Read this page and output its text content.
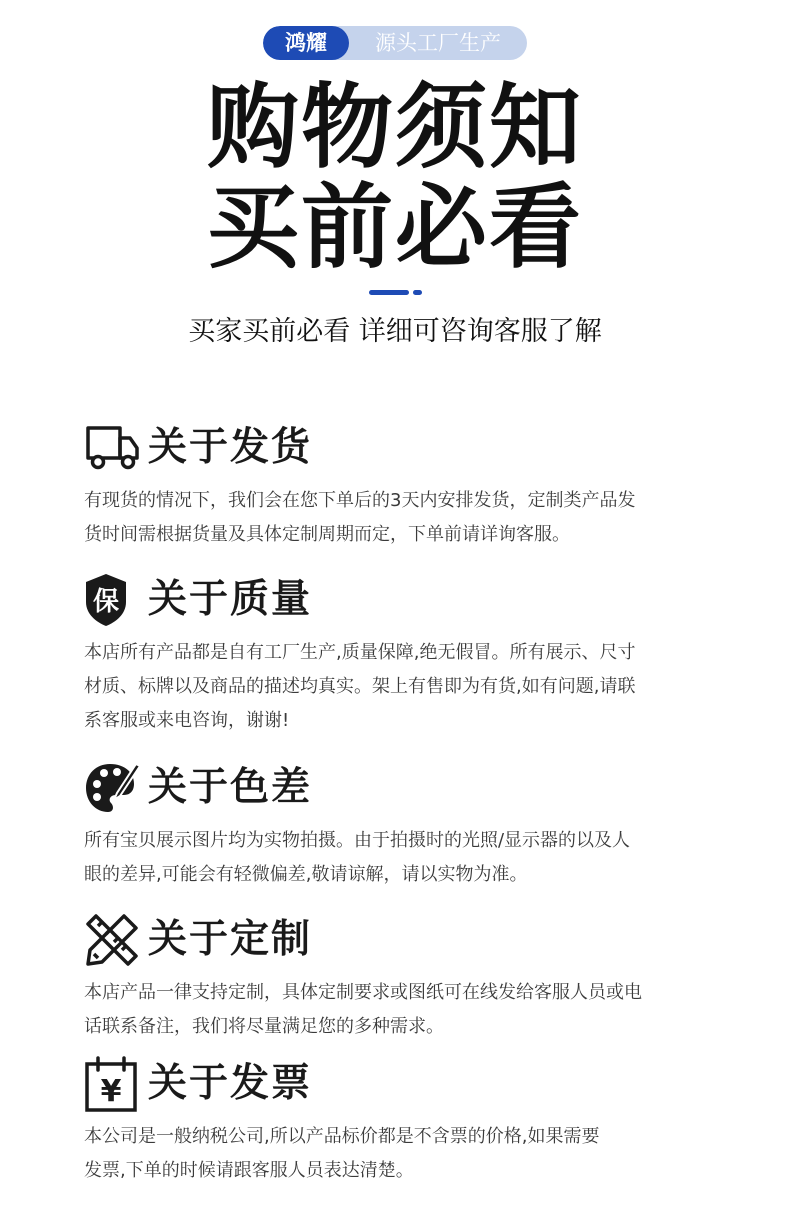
鸿耀	源头工厂生产
购物须知
买前必看
买家买前必看 详细可咨询客服了解
关于发货
有现货的情况下，我们会在您下单后的3天内安排发货，定制类产品发
货时间需根据货量及具体定制周期而定，下单前请详询客服。
保 关于质量
本店所有产品都是自有工厂生产,质量保障,绝无假冒。所有展示、尺寸
材质、标牌以及商品的描述均真实。架上有售即为有货,如有问题,请联
系客服或来电咨询，谢谢!
关于色差
所有宝贝展示图片均为实物拍摄。由于拍摄时的光照/显示器的以及人
眼的差异,可能会有轻微偏差,敬请谅解，请以实物为准。
关于定制
本店产品一律支持定制，具体定制要求或图纸可在线发给客服人员或电
话联系备注，我们将尽量满足您的多种需求。
¥ 关于发票
本公司是一般纳税公司,所以产品标价都是不含票的价格,如果需要
发票,下单的时候请跟客服人员表达清楚。
